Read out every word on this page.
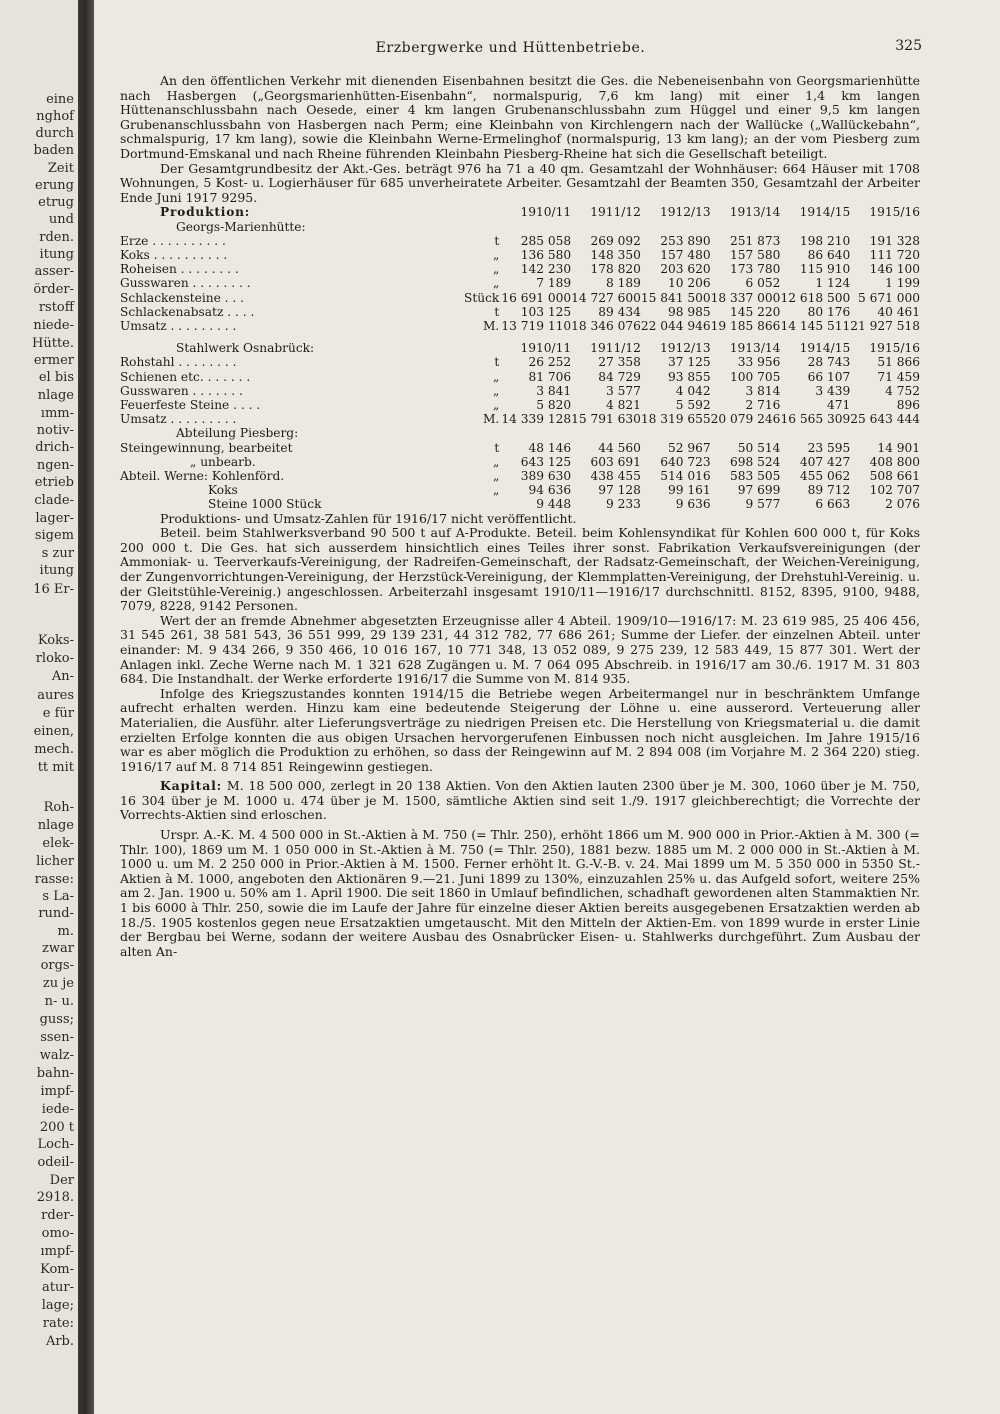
eine
nghof
durch
baden
Zeit
erung
etrug
und
rden.
itung
asser-
örder-
rstoff
niede-
Hütte.
ermer
el bis
nlage
ımm-
notiv-
drich-
ngen-
etrieb
clade-
lager-
sigem
s zur
itung
16 Er-
Koks-
rloko-
An-
aures
e für
einen,
mech.
tt mit
Roh-
nlage
elek-
licher
rasse:
s La-
rund-
m.
zwar
orgs-
zu je
n- u.
guss;
ssen-
walz-
bahn-
impf-
iede-
200 t
Loch-
odeil-
Der
2918.
rder-
omo-
ımpf-
Kom-
atur-
lage;
rate:
Arb.
Erzbergwerke und Hüttenbetriebe.	325

An den öffentlichen Verkehr mit dienenden Eisenbahnen besitzt die Ges. die Nebeneisenbahn von Georgsmarienhütte nach Hasbergen („Georgsmarienhütten-Eisenbahn“, normalspurig, 7,6 km lang) mit einer 1,4 km langen Hüttenanschlussbahn nach Oesede, einer 4 km langen Grubenanschlussbahn zum Hüggel und einer 9,5 km langen Grubenanschlussbahn von Hasbergen nach Perm; eine Kleinbahn von Kirchlengern nach der Wallücke („Wallückebahn“, schmalspurig, 17 km lang), sowie die Kleinbahn Werne-Ermelinghof (normalspurig, 13 km lang); an der vom Piesberg zum Dortmund-Emskanal und nach Rheine führenden Kleinbahn Piesberg-Rheine hat sich die Gesellschaft beteiligt.

Der Gesamtgrundbesitz der Akt.-Ges. beträgt 976 ha 71 a 40 qm. Gesamtzahl der Wohnhäuser: 664 Häuser mit 1708 Wohnungen, 5 Kost- u. Logierhäuser für 685 unverheiratete Arbeiter. Gesamtzahl der Beamten 350, Gesamtzahl der Arbeiter Ende Juni 1917 9295.

Produktion:		1910/11	1911/12	1912/13	1913/14	1914/15	1915/16
Georgs-Marienhütte:							
Erze . . . . . . . . . .	t	285 058	269 092	253 890	251 873	198 210	191 328
Koks . . . . . . . . . .	„	136 580	148 350	157 480	157 580	86 640	111 720
Roheisen . . . . . . . .	„	142 230	178 820	203 620	173 780	115 910	146 100
Gusswaren . . . . . . . .	„	7 189	8 189	10 206	6 052	1 124	1 199
Schlackensteine . . .	Stück	16 691 000	14 727 600	15 841 500	18 337 000	12 618 500	5 671 000
Schlackenabsatz . . . .	t	103 125	89 434	98 985	145 220	80 176	40 461
Umsatz . . . . . . . . .	M.	13 719 110	18 346 076	22 044 946	19 185 866	14 145 511	21 927 518

Stahlwerk Osnabrück:		1910/11	1911/12	1912/13	1913/14	1914/15	1915/16
Rohstahl . . . . . . . .	t	26 252	27 358	37 125	33 956	28 743	51 866
Schienen etc. . . . . . .	„	81 706	84 729	93 855	100 705	66 107	71 459
Gusswaren . . . . . . .	„	3 841	3 577	4 042	3 814	3 439	4 752
Feuerfeste Steine . . . .	„	5 820	4 821	5 592	2 716	471	896
Umsatz . . . . . . . . .	M.	14 339 128	15 791 630	18 319 655	20 079 246	16 565 309	25 643 444
Abteilung Piesberg:							
Steingewinnung, bearbeitet	t	48 146	44 560	52 967	50 514	23 595	14 901
„ unbearb.	„	643 125	603 691	640 723	698 524	407 427	408 800
Abteil. Werne: Kohlenförd.	„	389 630	438 455	514 016	583 505	455 062	508 661
Koks	„	94 636	97 128	99 161	97 699	89 712	102 707
Steine 1000 Stück		9 448	9 233	9 636	9 577	6 663	2 076

Produktions- und Umsatz-Zahlen für 1916/17 nicht veröffentlicht.

Beteil. beim Stahlwerksverband 90 500 t auf A-Produkte. Beteil. beim Kohlensyndikat für Kohlen 600 000 t, für Koks 200 000 t. Die Ges. hat sich ausserdem hinsichtlich eines Teiles ihrer sonst. Fabrikation Verkaufsvereinigungen (der Ammoniak- u. Teerverkaufs-Vereinigung, der Radreifen-Gemeinschaft, der Radsatz-Gemeinschaft, der Weichen-Vereinigung, der Zungenvorrichtungen-Vereinigung, der Herzstück-Vereinigung, der Klemmplatten-Vereinigung, der Drehstuhl-Vereinig. u. der Gleitstühle-Vereinig.) angeschlossen. Arbeiterzahl insgesamt 1910/11—1916/17 durchschnittl. 8152, 8395, 9100, 9488, 7079, 8228, 9142 Personen.

Wert der an fremde Abnehmer abgesetzten Erzeugnisse aller 4 Abteil. 1909/10—1916/17: M. 23 619 985, 25 406 456, 31 545 261, 38 581 543, 36 551 999, 29 139 231, 44 312 782, 77 686 261; Summe der Liefer. der einzelnen Abteil. unter einander: M. 9 434 266, 9 350 466, 10 016 167, 10 771 348, 13 052 089, 9 275 239, 12 583 449, 15 877 301. Wert der Anlagen inkl. Zeche Werne nach M. 1 321 628 Zugängen u. M. 7 064 095 Abschreib. in 1916/17 am 30./6. 1917 M. 31 803 684. Die Instandhalt. der Werke erforderte 1916/17 die Summe von M. 814 935.

Infolge des Kriegszustandes konnten 1914/15 die Betriebe wegen Arbeitermangel nur in beschränktem Umfange aufrecht erhalten werden. Hinzu kam eine bedeutende Steigerung der Löhne u. eine ausserord. Verteuerung aller Materialien, die Ausführ. alter Lieferungsverträge zu niedrigen Preisen etc. Die Herstellung von Kriegsmaterial u. die damit erzielten Erfolge konnten die aus obigen Ursachen hervorgerufenen Einbussen noch nicht ausgleichen. Im Jahre 1915/16 war es aber möglich die Produktion zu erhöhen, so dass der Reingewinn auf M. 2 894 008 (im Vorjahre M. 2 364 220) stieg. 1916/17 auf M. 8 714 851 Reingewinn gestiegen.

Kapital: M. 18 500 000, zerlegt in 20 138 Aktien. Von den Aktien lauten 2300 über je M. 300, 1060 über je M. 750, 16 304 über je M. 1000 u. 474 über je M. 1500, sämtliche Aktien sind seit 1./9. 1917 gleichberechtigt; die Vorrechte der Vorrechts-Aktien sind erloschen.

Urspr. A.-K. M. 4 500 000 in St.-Aktien à M. 750 (= Thlr. 250), erhöht 1866 um M. 900 000 in Prior.-Aktien à M. 300 (= Thlr. 100), 1869 um M. 1 050 000 in St.-Aktien à M. 750 (= Thlr. 250), 1881 bezw. 1885 um M. 2 000 000 in St.-Aktien à M. 1000 u. um M. 2 250 000 in Prior.-Aktien à M. 1500. Ferner erhöht lt. G.-V.-B. v. 24. Mai 1899 um M. 5 350 000 in 5350 St.-Aktien à M. 1000, angeboten den Aktionären 9.—21. Juni 1899 zu 130%, einzuzahlen 25% u. das Aufgeld sofort, weitere 25% am 2. Jan. 1900 u. 50% am 1. April 1900. Die seit 1860 in Umlauf befindlichen, schadhaft gewordenen alten Stammaktien Nr. 1 bis 6000 à Thlr. 250, sowie die im Laufe der Jahre für einzelne dieser Aktien bereits ausgegebenen Ersatzaktien werden ab 18./5. 1905 kostenlos gegen neue Ersatzaktien umgetauscht. Mit den Mitteln der Aktien-Em. von 1899 wurde in erster Linie der Bergbau bei Werne, sodann der weitere Ausbau des Osnabrücker Eisen- u. Stahlwerks durchgeführt. Zum Ausbau der alten An-
